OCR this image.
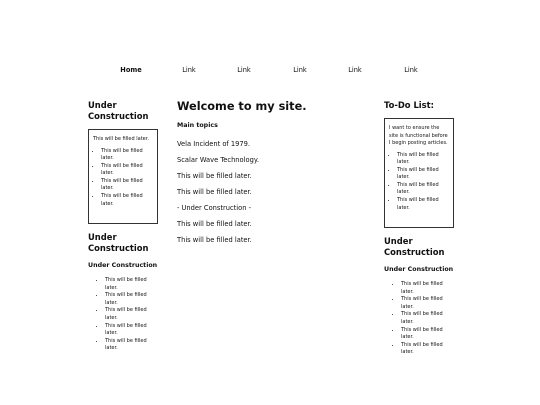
Home	Link	Link	Link	Link	Link
Under Construction

This will be filled later.

• This will be filled later.
• This will be filled later.
• This will be filled later.
• This will be filled later.
Under Construction
Under Construction
• This will be filled later.
• This will be filled later.
• This will be filled later.
• This will be filled later.
• This will be filled later.
Welcome to my site.
Main topics

Vela Incident of 1979.

Scalar Wave Technology.

This will be filled later.

This will be filled later.

- Under Construction -

This will be filled later.

This will be filled later.

To-Do List:

I want to ensure the site is functional before I begin posting articles.

• This will be filled later.
• This will be filled later.
• This will be filled later.
• This will be filled later.
Under Construction
Under Construction
• This will be filled later.
• This will be filled later.
• This will be filled later.
• This will be filled later.
• This will be filled later.
